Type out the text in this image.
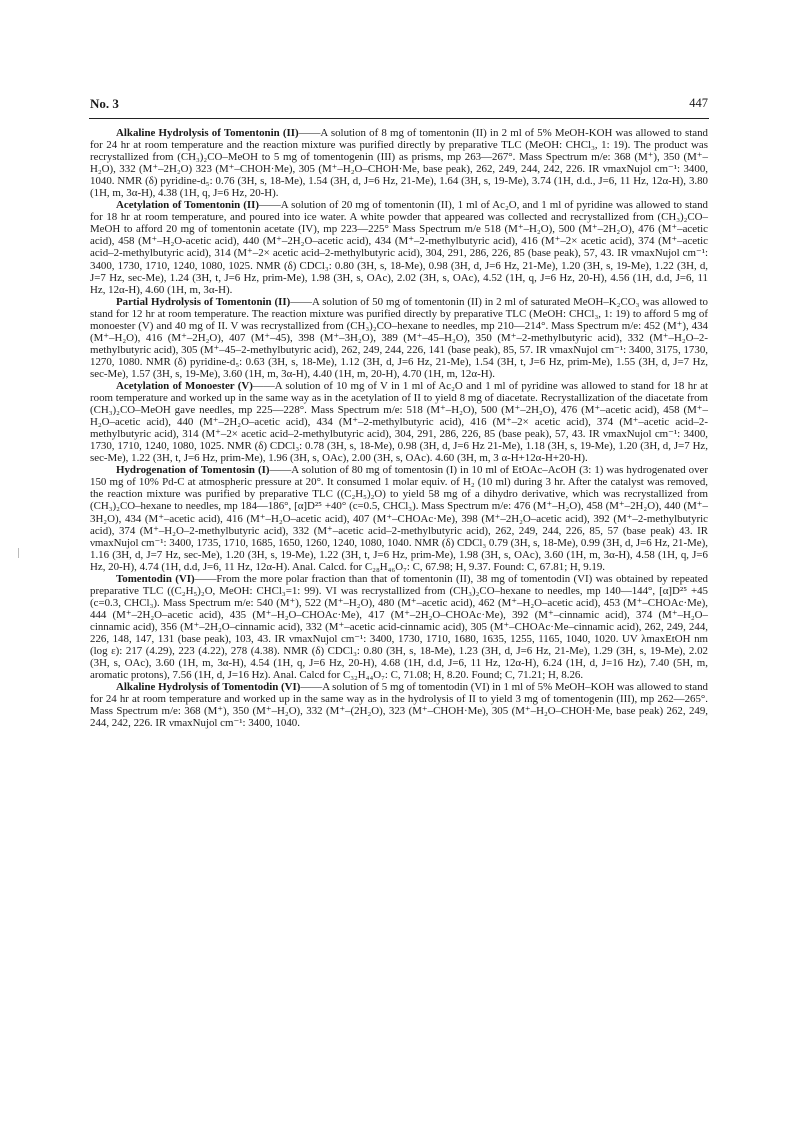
No. 3	447

Alkaline Hydrolysis of Tomentonin (II)——A solution of 8 mg of tomentonin (II) in 2 ml of 5% MeOH-KOH was allowed to stand for 24 hr at room temperature and the reaction mixture was purified directly by preparative TLC (MeOH: CHCl₃, 1: 19). The product was recrystallized from (CH₃)₂CO–MeOH to 5 mg of tomentogenin (III) as prisms, mp 263—267°. Mass Spectrum m/e: 368 (M⁺), 350 (M⁺–H₂O), 332 (M⁺–2H₂O) 323 (M⁺–CHOH·Me), 305 (M⁺–H₂O–CHOH·Me, base peak), 262, 249, 244, 242, 226. IR νmaxNujol cm⁻¹: 3400, 1040. NMR (δ) pyridine-d₅: 0.76 (3H, s, 18-Me), 1.54 (3H, d, J=6 Hz, 21-Me), 1.64 (3H, s, 19-Me), 3.74 (1H, d.d., J=6, 11 Hz, 12α-H), 3.80 (1H, m, 3α-H), 4.38 (1H, q, J=6 Hz, 20-H).

Acetylation of Tomentonin (II)——A solution of 20 mg of tomentonin (II), 1 ml of Ac₂O, and 1 ml of pyridine was allowed to stand for 18 hr at room temperature, and poured into ice water. A white powder that appeared was collected and recrystallized from (CH₃)₂CO–MeOH to afford 20 mg of tomentonin acetate (IV), mp 223—225° Mass Spectrum m/e 518 (M⁺–H₂O), 500 (M⁺–2H₂O), 476 (M⁺–acetic acid), 458 (M⁺–H₂O-acetic acid), 440 (M⁺–2H₂O–acetic acid), 434 (M⁺–2-methylbutyric acid), 416 (M⁺–2× acetic acid), 374 (M⁺–acetic acid–2-methylbutyric acid), 314 (M⁺–2× acetic acid–2-methylbutyric acid), 304, 291, 286, 226, 85 (base peak), 57, 43. IR νmaxNujol cm⁻¹: 3400, 1730, 1710, 1240, 1080, 1025. NMR (δ) CDCl₃: 0.80 (3H, s, 18-Me), 0.98 (3H, d, J=6 Hz, 21-Me), 1.20 (3H, s, 19-Me), 1.22 (3H, d, J=7 Hz, sec-Me), 1.24 (3H, t, J=6 Hz, prim-Me), 1.98 (3H, s, OAc), 2.02 (3H, s, OAc), 4.52 (1H, q, J=6 Hz, 20-H), 4.56 (1H, d.d, J=6, 11 Hz, 12α-H), 4.60 (1H, m, 3α-H).

Partial Hydrolysis of Tomentonin (II)——A solution of 50 mg of tomentonin (II) in 2 ml of saturated MeOH–K₂CO₃ was allowed to stand for 12 hr at room temperature. The reaction mixture was purified directly by preparative TLC (MeOH: CHCl₃, 1: 19) to afford 5 mg of monoester (V) and 40 mg of II. V was recrystallized from (CH₃)₂CO–hexane to needles, mp 210—214°. Mass Spectrum m/e: 452 (M⁺), 434 (M⁺–H₂O), 416 (M⁺–2H₂O), 407 (M⁺–45), 398 (M⁺–3H₂O), 389 (M⁺–45–H₂O), 350 (M⁺–2-methylbutyric acid), 332 (M⁺–H₂O–2-methylbutyric acid), 305 (M⁺–45–2-methylbutyric acid), 262, 249, 244, 226, 141 (base peak), 85, 57. IR νmaxNujol cm⁻¹: 3400, 3175, 1730, 1270, 1080. NMR (δ) pyridine-d₅: 0.63 (3H, s, 18-Me), 1.12 (3H, d, J=6 Hz, 21-Me), 1.54 (3H, t, J=6 Hz, prim-Me), 1.55 (3H, d, J=7 Hz, sec-Me), 1.57 (3H, s, 19-Me), 3.60 (1H, m, 3α-H), 4.40 (1H, m, 20-H), 4.70 (1H, m, 12α-H).

Acetylation of Monoester (V)——A solution of 10 mg of V in 1 ml of Ac₂O and 1 ml of pyridine was allowed to stand for 18 hr at room temperature and worked up in the same way as in the acetylation of II to yield 8 mg of diacetate. Recrystallization of the diacetate from (CH₃)₂CO–MeOH gave needles, mp 225—228°. Mass Spectrum m/e: 518 (M⁺–H₂O), 500 (M⁺–2H₂O), 476 (M⁺–acetic acid), 458 (M⁺–H₂O–acetic acid), 440 (M⁺–2H₂O–acetic acid), 434 (M⁺–2-methylbutyric acid), 416 (M⁺–2× acetic acid), 374 (M⁺–acetic acid–2-methylbutyric acid), 314 (M⁺–2× acetic acid–2-methylbutyric acid), 304, 291, 286, 226, 85 (base peak), 57, 43. IR νmaxNujol cm⁻¹: 3400, 1730, 1710, 1240, 1080, 1025. NMR (δ) CDCl₃: 0.78 (3H, s, 18-Me), 0.98 (3H, d, J=6 Hz 21-Me), 1.18 (3H, s, 19-Me), 1.20 (3H, d, J=7 Hz, sec-Me), 1.22 (3H, t, J=6 Hz, prim-Me), 1.96 (3H, s, OAc), 2.00 (3H, s, OAc). 4.60 (3H, m, 3 α-H+12α-H+20-H).

Hydrogenation of Tomentosin (I)——A solution of 80 mg of tomentosin (I) in 10 ml of EtOAc–AcOH (3: 1) was hydrogenated over 150 mg of 10% Pd-C at atmospheric pressure at 20°. It consumed 1 molar equiv. of H₂ (10 ml) during 3 hr. After the catalyst was removed, the reaction mixture was purified by preparative TLC ((C₂H₅)₂O) to yield 58 mg of a dihydro derivative, which was recrystallized from (CH₃)₂CO–hexane to needles, mp 184—186°, [α]D²⁵ +40° (c=0.5, CHCl₃). Mass Spectrum m/e: 476 (M⁺–H₂O), 458 (M⁺–2H₂O), 440 (M⁺–3H₂O), 434 (M⁺–acetic acid), 416 (M⁺–H₂O–acetic acid), 407 (M⁺–CHOAc·Me), 398 (M⁺–2H₂O–acetic acid), 392 (M⁺–2-methylbutyric acid), 374 (M⁺–H₂O–2-methylbutyric acid), 332 (M⁺–acetic acid–2-methylbutyric acid), 262, 249, 244, 226, 85, 57 (base peak) 43. IR νmaxNujol cm⁻¹: 3400, 1735, 1710, 1685, 1650, 1260, 1240, 1080, 1040. NMR (δ) CDCl₃ 0.79 (3H, s, 18-Me), 0.99 (3H, d, J=6 Hz, 21-Me), 1.16 (3H, d, J=7 Hz, sec-Me), 1.20 (3H, s, 19-Me), 1.22 (3H, t, J=6 Hz, prim-Me), 1.98 (3H, s, OAc), 3.60 (1H, m, 3α-H), 4.58 (1H, q, J=6 Hz, 20-H), 4.74 (1H, d.d, J=6, 11 Hz, 12α-H). Anal. Calcd. for C₂₈H₄₆O₇: C, 67.98; H, 9.37. Found: C, 67.81; H, 9.19.

Tomentodin (VI)——From the more polar fraction than that of tomentonin (II), 38 mg of tomentodin (VI) was obtained by repeated preparative TLC ((C₂H₅)₂O, MeOH: CHCl₃=1: 99). VI was recrystallized from (CH₃)₂CO–hexane to needles, mp 140—144°, [α]D²⁵ +45 (c=0.3, CHCl₃). Mass Spectrum m/e: 540 (M⁺), 522 (M⁺–H₂O), 480 (M⁺–acetic acid), 462 (M⁺–H₂O–acetic acid), 453 (M⁺–CHOAc·Me), 444 (M⁺–2H₂O–acetic acid), 435 (M⁺–H₂O–CHOAc·Me), 417 (M⁺–2H₂O–CHOAc·Me), 392 (M⁺–cinnamic acid), 374 (M⁺–H₂O–cinnamic acid), 356 (M⁺–2H₂O–cinnamic acid), 332 (M⁺–acetic acid-cinnamic acid), 305 (M⁺–CHOAc·Me–cinnamic acid), 262, 249, 244, 226, 148, 147, 131 (base peak), 103, 43. IR νmaxNujol cm⁻¹: 3400, 1730, 1710, 1680, 1635, 1255, 1165, 1040, 1020. UV λmaxEtOH nm (log ε): 217 (4.29), 223 (4.22), 278 (4.38). NMR (δ) CDCl₃: 0.80 (3H, s, 18-Me), 1.23 (3H, d, J=6 Hz, 21-Me), 1.29 (3H, s, 19-Me), 2.02 (3H, s, OAc), 3.60 (1H, m, 3α-H), 4.54 (1H, q, J=6 Hz, 20-H), 4.68 (1H, d.d, J=6, 11 Hz, 12α-H), 6.24 (1H, d, J=16 Hz), 7.40 (5H, m, aromatic protons), 7.56 (1H, d, J=16 Hz). Anal. Calcd for C₃₂H₄₄O₇: C, 71.08; H, 8.20. Found; C, 71.21; H, 8.26.

Alkaline Hydrolysis of Tomentodin (VI)——A solution of 5 mg of tomentodin (VI) in 1 ml of 5% MeOH–KOH was allowed to stand for 24 hr at room temperature and worked up in the same way as in the hydrolysis of II to yield 3 mg of tomentogenin (III), mp 262—265°. Mass Spectrum m/e: 368 (M⁺), 350 (M⁺–H₂O), 332 (M⁺–(2H₂O), 323 (M⁺–CHOH·Me), 305 (M⁺–H₂O–CHOH·Me, base peak) 262, 249, 244, 242, 226. IR νmaxNujol cm⁻¹: 3400, 1040.
